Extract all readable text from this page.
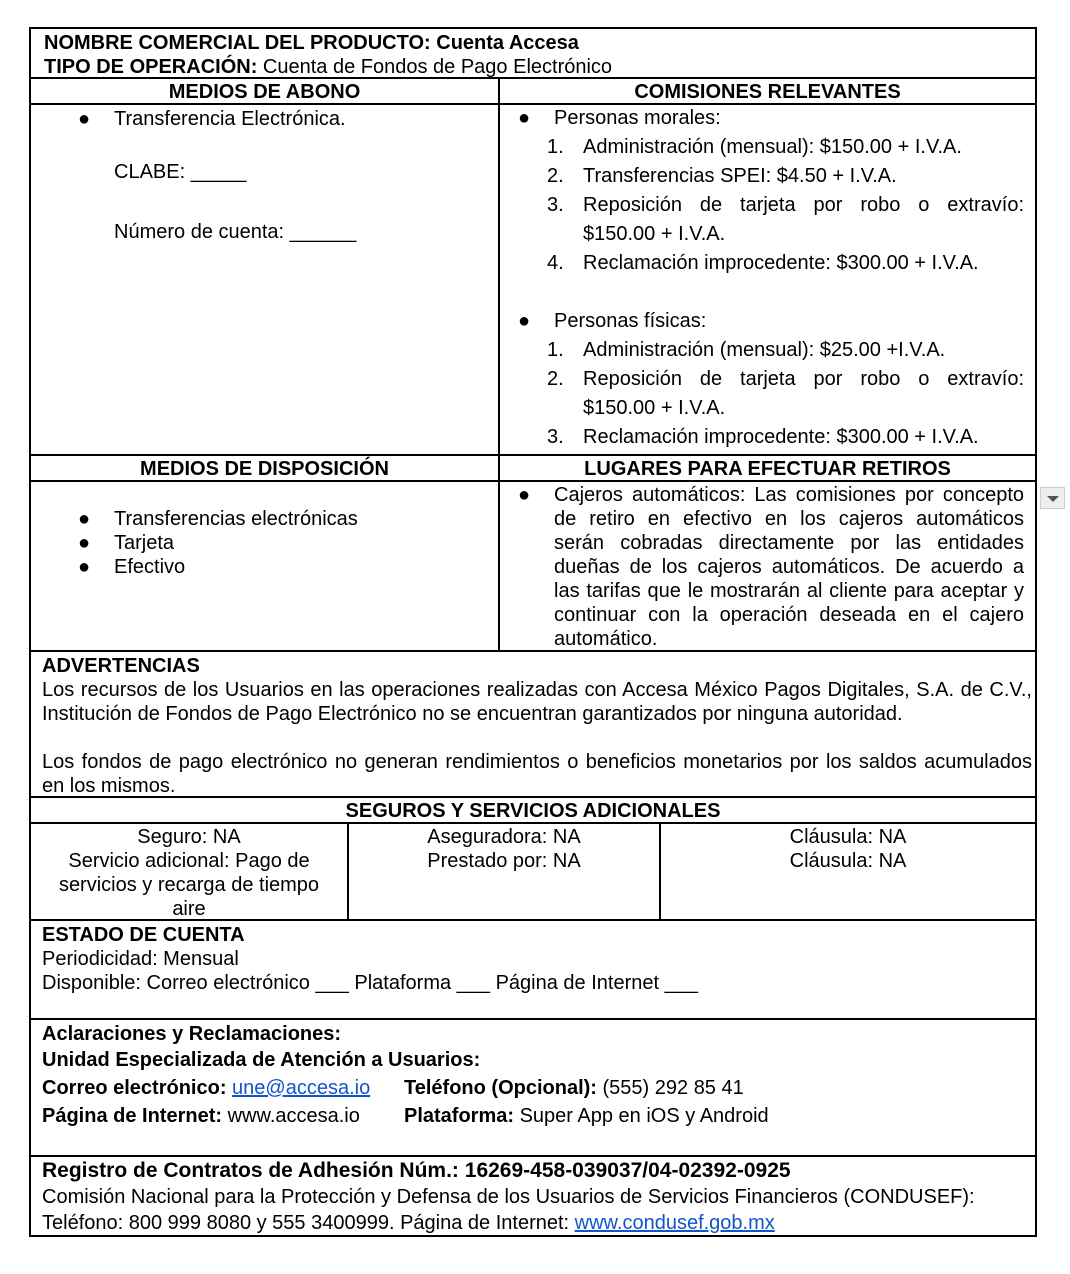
NOMBRE COMERCIAL DEL PRODUCTO: Cuenta Accesa
TIPO DE OPERACIÓN: Cuenta de Fondos de Pago Electrónico
MEDIOS DE ABONO	COMISIONES RELEVANTES
● Transferencia Electrónica.
CLABE: _____
Número de cuenta: ______
● Personas morales:
1. Administración (mensual): $150.00 + I.V.A.
2. Transferencias SPEI: $4.50 + I.V.A.
3. Reposición de tarjeta por robo o extravío: $150.00 + I.V.A.
4. Reclamación improcedente: $300.00 + I.V.A.
● Personas físicas:
1. Administración (mensual): $25.00 +I.V.A.
2. Reposición de tarjeta por robo o extravío: $150.00 + I.V.A.
3. Reclamación improcedente: $300.00 + I.V.A.
MEDIOS DE DISPOSICIÓN	LUGARES PARA EFECTUAR RETIROS
● Transferencias electrónicas
● Tarjeta
● Efectivo
● Cajeros automáticos: Las comisiones por concepto de retiro en efectivo en los cajeros automáticos serán cobradas directamente por las entidades dueñas de los cajeros automáticos. De acuerdo a las tarifas que le mostrarán al cliente para aceptar y continuar con la operación deseada en el cajero automático.
ADVERTENCIAS
Los recursos de los Usuarios en las operaciones realizadas con Accesa México Pagos Digitales, S.A. de C.V., Institución de Fondos de Pago Electrónico no se encuentran garantizados por ninguna autoridad.
Los fondos de pago electrónico no generan rendimientos o beneficios monetarios por los saldos acumulados en los mismos.
SEGUROS Y SERVICIOS ADICIONALES
Seguro: NA
Servicio adicional: Pago de servicios y recarga de tiempo aire
Aseguradora: NA
Prestado por: NA
Cláusula: NA
Cláusula: NA
ESTADO DE CUENTA
Periodicidad: Mensual
Disponible: Correo electrónico ___ Plataforma ___ Página de Internet ___
Aclaraciones y Reclamaciones:
Unidad Especializada de Atención a Usuarios:
Correo electrónico: une@accesa.io Teléfono (Opcional): (555) 292 85 41
Página de Internet: www.accesa.io Plataforma: Super App en iOS y Android
Registro de Contratos de Adhesión Núm.: 16269-458-039037/04-02392-0925
Comisión Nacional para la Protección y Defensa de los Usuarios de Servicios Financieros (CONDUSEF):
Teléfono: 800 999 8080 y 555 3400999. Página de Internet: www.condusef.gob.mx
